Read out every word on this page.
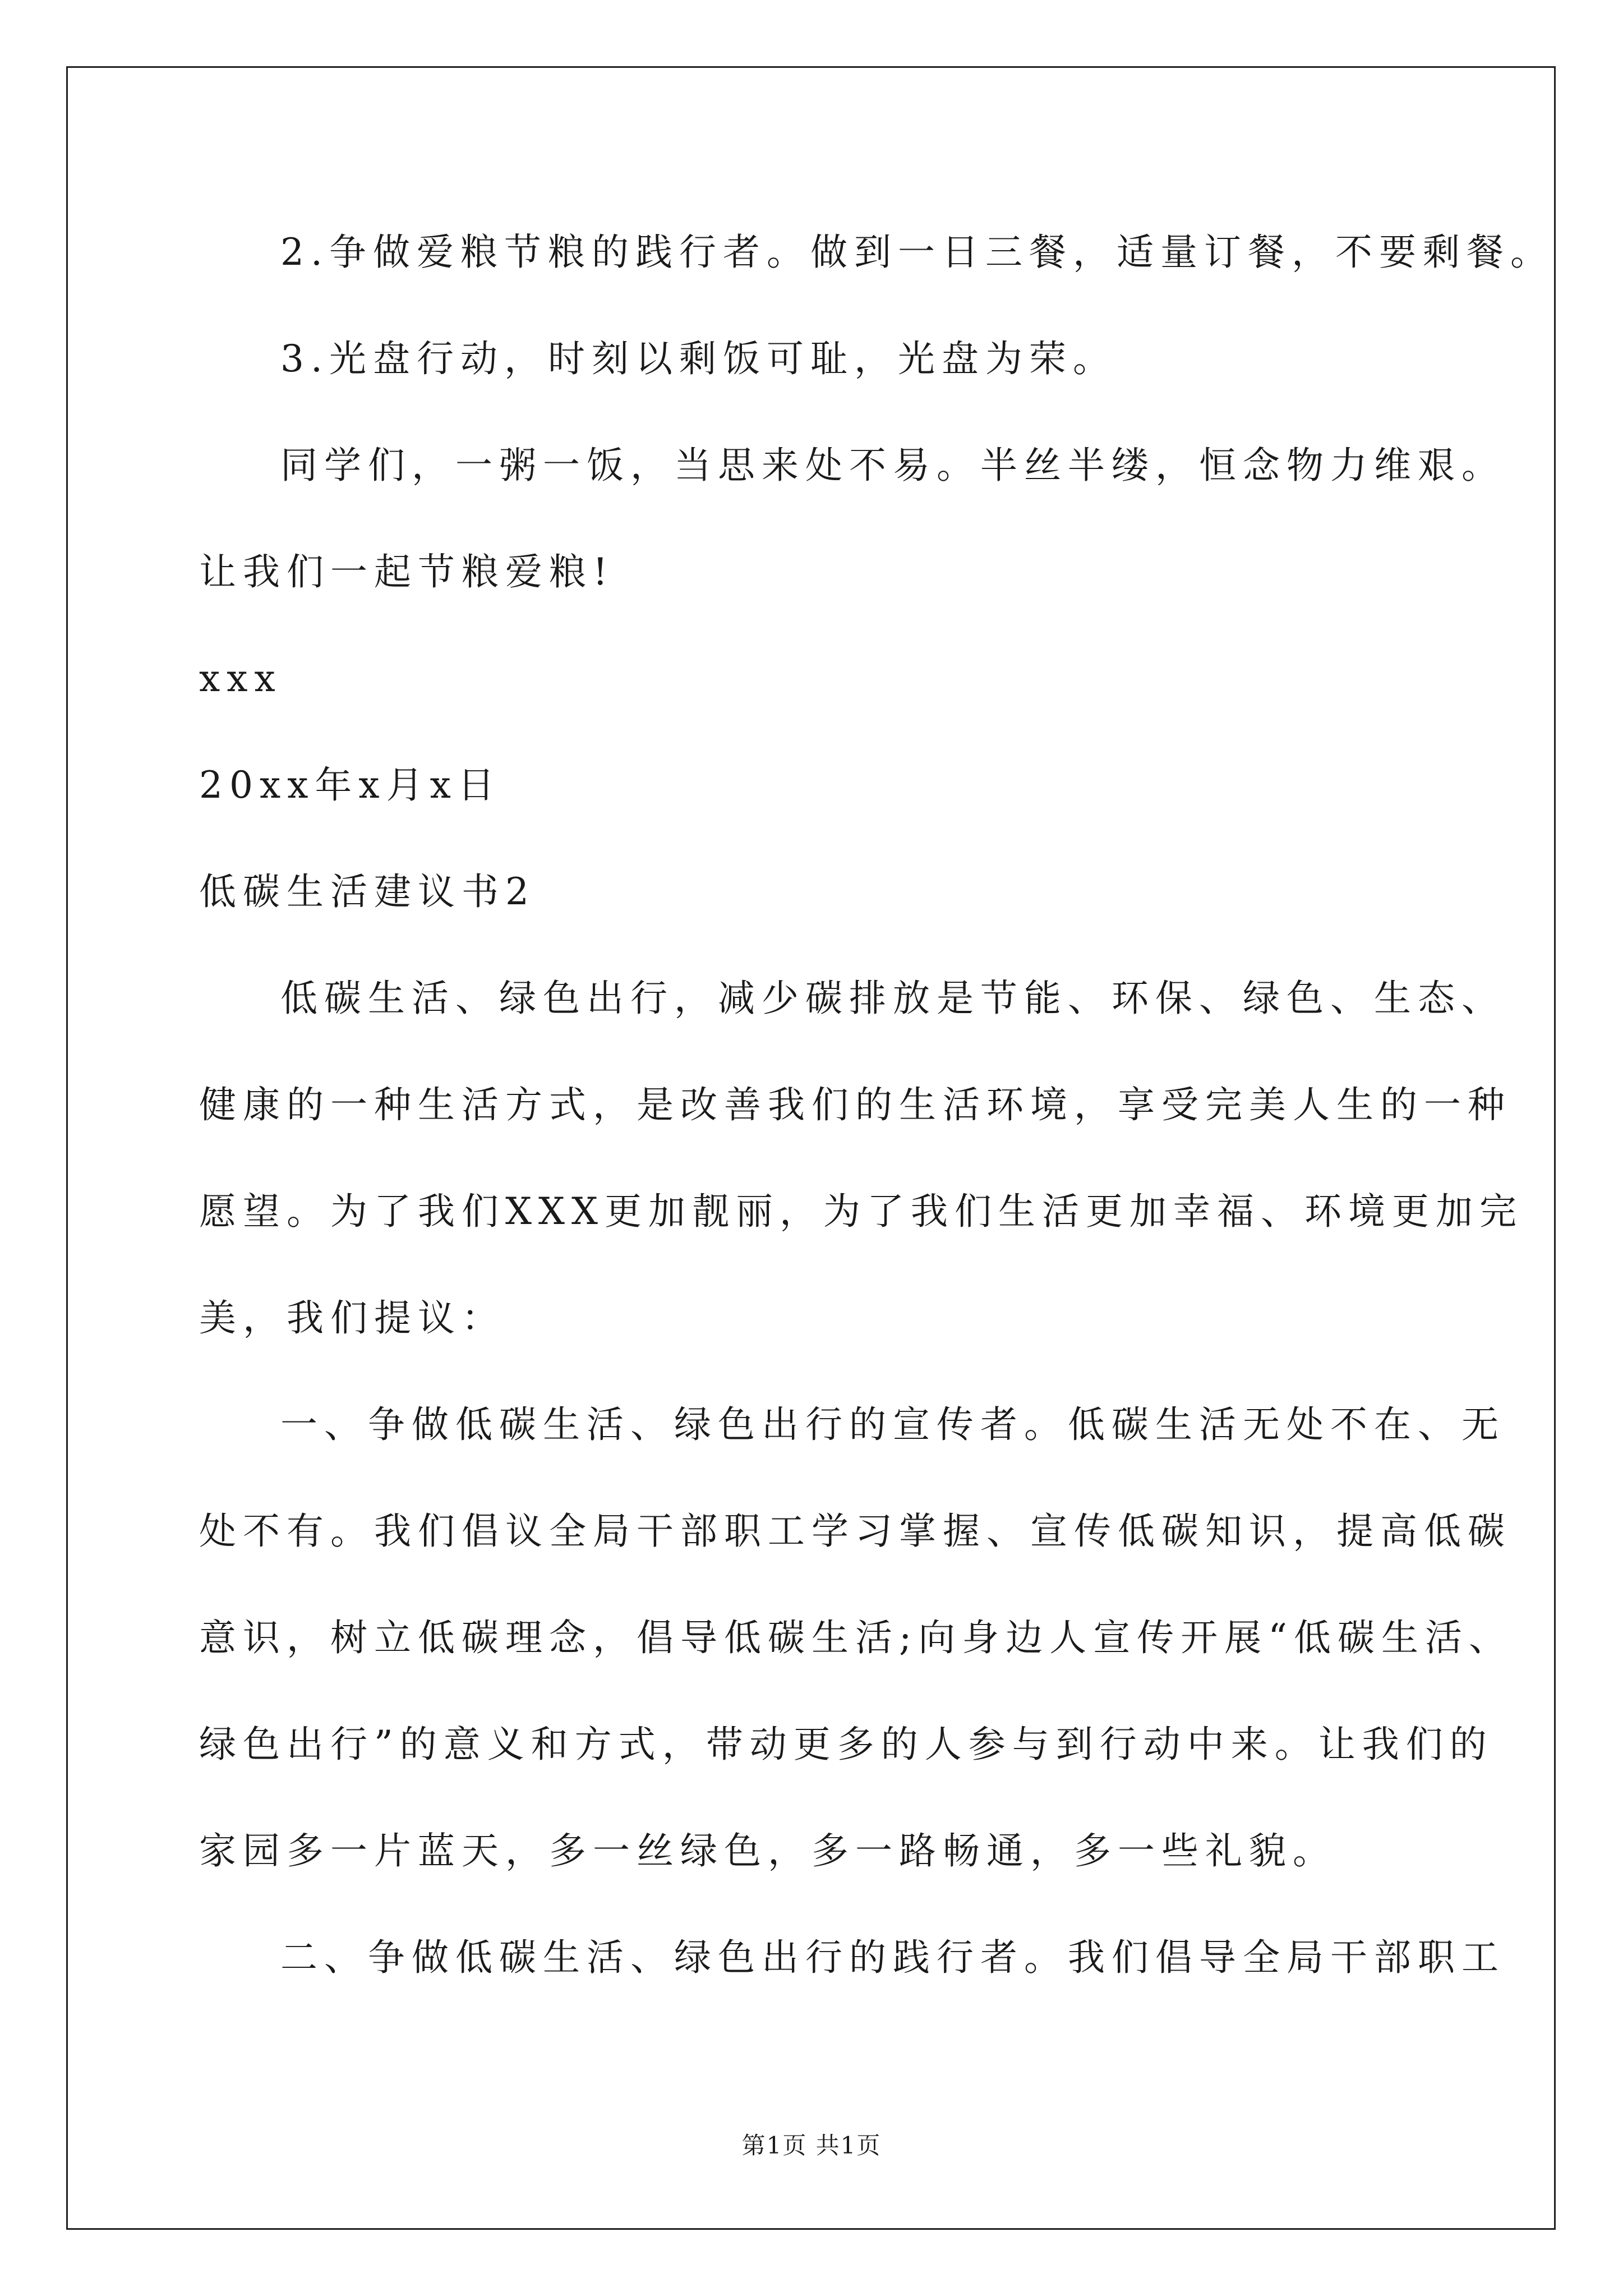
2.争做爱粮节粮的践行者。做到一日三餐，适量订餐，不要剩餐。
3.光盘行动，时刻以剩饭可耻，光盘为荣。
同学们，一粥一饭，当思来处不易。半丝半缕，恒念物力维艰。
让我们一起节粮爱粮!
xxx
20xx年x月x日
低碳生活建议书2
低碳生活、绿色出行，减少碳排放是节能、环保、绿色、生态、
健康的一种生活方式，是改善我们的生活环境，享受完美人生的一种
愿望。为了我们XXX更加靓丽，为了我们生活更加幸福、环境更加完
美，我们提议：
一、争做低碳生活、绿色出行的宣传者。低碳生活无处不在、无
处不有。我们倡议全局干部职工学习掌握、宣传低碳知识，提高低碳
意识，树立低碳理念，倡导低碳生活;向身边人宣传开展“低碳生活、
绿色出行”的意义和方式，带动更多的人参与到行动中来。让我们的
家园多一片蓝天，多一丝绿色，多一路畅通，多一些礼貌。
二、争做低碳生活、绿色出行的践行者。我们倡导全局干部职工
第1页 共1页
